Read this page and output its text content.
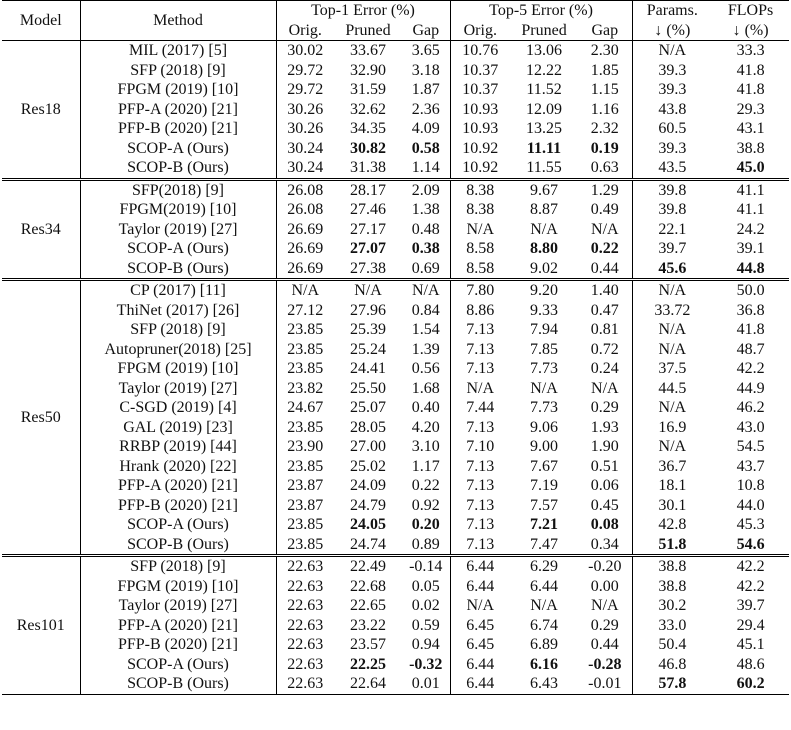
Model	Method	Top-1 Error (%)			Top-5 Error (%)			Params.	FLOPs
		Orig.	Pruned	Gap	Orig.	Pruned	Gap	↓ (%)	↓ (%)
Res18	MIL (2017) [5]	30.02	33.67	3.65	10.76	13.06	2.30	N/A	33.3
	SFP (2018) [9]	29.72	32.90	3.18	10.37	12.22	1.85	39.3	41.8
	FPGM (2019) [10]	29.72	31.59	1.87	10.37	11.52	1.15	39.3	41.8
	PFP-A (2020) [21]	30.26	32.62	2.36	10.93	12.09	1.16	43.8	29.3
	PFP-B (2020) [21]	30.26	34.35	4.09	10.93	13.25	2.32	60.5	43.1
	SCOP-A (Ours)	30.24	30.82	0.58	10.92	11.11	0.19	39.3	38.8
	SCOP-B (Ours)	30.24	31.38	1.14	10.92	11.55	0.63	43.5	45.0
Res34	SFP(2018) [9]	26.08	28.17	2.09	8.38	9.67	1.29	39.8	41.1
	FPGM(2019) [10]	26.08	27.46	1.38	8.38	8.87	0.49	39.8	41.1
	Taylor (2019) [27]	26.69	27.17	0.48	N/A	N/A	N/A	22.1	24.2
	SCOP-A (Ours)	26.69	27.07	0.38	8.58	8.80	0.22	39.7	39.1
	SCOP-B (Ours)	26.69	27.38	0.69	8.58	9.02	0.44	45.6	44.8
Res50	CP (2017) [11]	N/A	N/A	N/A	7.80	9.20	1.40	N/A	50.0
	ThiNet (2017) [26]	27.12	27.96	0.84	8.86	9.33	0.47	33.72	36.8
	SFP (2018) [9]	23.85	25.39	1.54	7.13	7.94	0.81	N/A	41.8
	Autopruner(2018) [25]	23.85	25.24	1.39	7.13	7.85	0.72	N/A	48.7
	FPGM (2019) [10]	23.85	24.41	0.56	7.13	7.73	0.24	37.5	42.2
	Taylor (2019) [27]	23.82	25.50	1.68	N/A	N/A	N/A	44.5	44.9
	C-SGD (2019) [4]	24.67	25.07	0.40	7.44	7.73	0.29	N/A	46.2
	GAL (2019) [23]	23.85	28.05	4.20	7.13	9.06	1.93	16.9	43.0
	RRBP (2019) [44]	23.90	27.00	3.10	7.10	9.00	1.90	N/A	54.5
	Hrank (2020) [22]	23.85	25.02	1.17	7.13	7.67	0.51	36.7	43.7
	PFP-A (2020) [21]	23.87	24.09	0.22	7.13	7.19	0.06	18.1	10.8
	PFP-B (2020) [21]	23.87	24.79	0.92	7.13	7.57	0.45	30.1	44.0
	SCOP-A (Ours)	23.85	24.05	0.20	7.13	7.21	0.08	42.8	45.3
	SCOP-B (Ours)	23.85	24.74	0.89	7.13	7.47	0.34	51.8	54.6
Res101	SFP (2018) [9]	22.63	22.49	-0.14	6.44	6.29	-0.20	38.8	42.2
	FPGM (2019) [10]	22.63	22.68	0.05	6.44	6.44	0.00	38.8	42.2
	Taylor (2019) [27]	22.63	22.65	0.02	N/A	N/A	N/A	30.2	39.7
	PFP-A (2020) [21]	22.63	23.22	0.59	6.45	6.74	0.29	33.0	29.4
	PFP-B (2020) [21]	22.63	23.57	0.94	6.45	6.89	0.44	50.4	45.1
	SCOP-A (Ours)	22.63	22.25	-0.32	6.44	6.16	-0.28	46.8	48.6
	SCOP-B (Ours)	22.63	22.64	0.01	6.44	6.43	-0.01	57.8	60.2
